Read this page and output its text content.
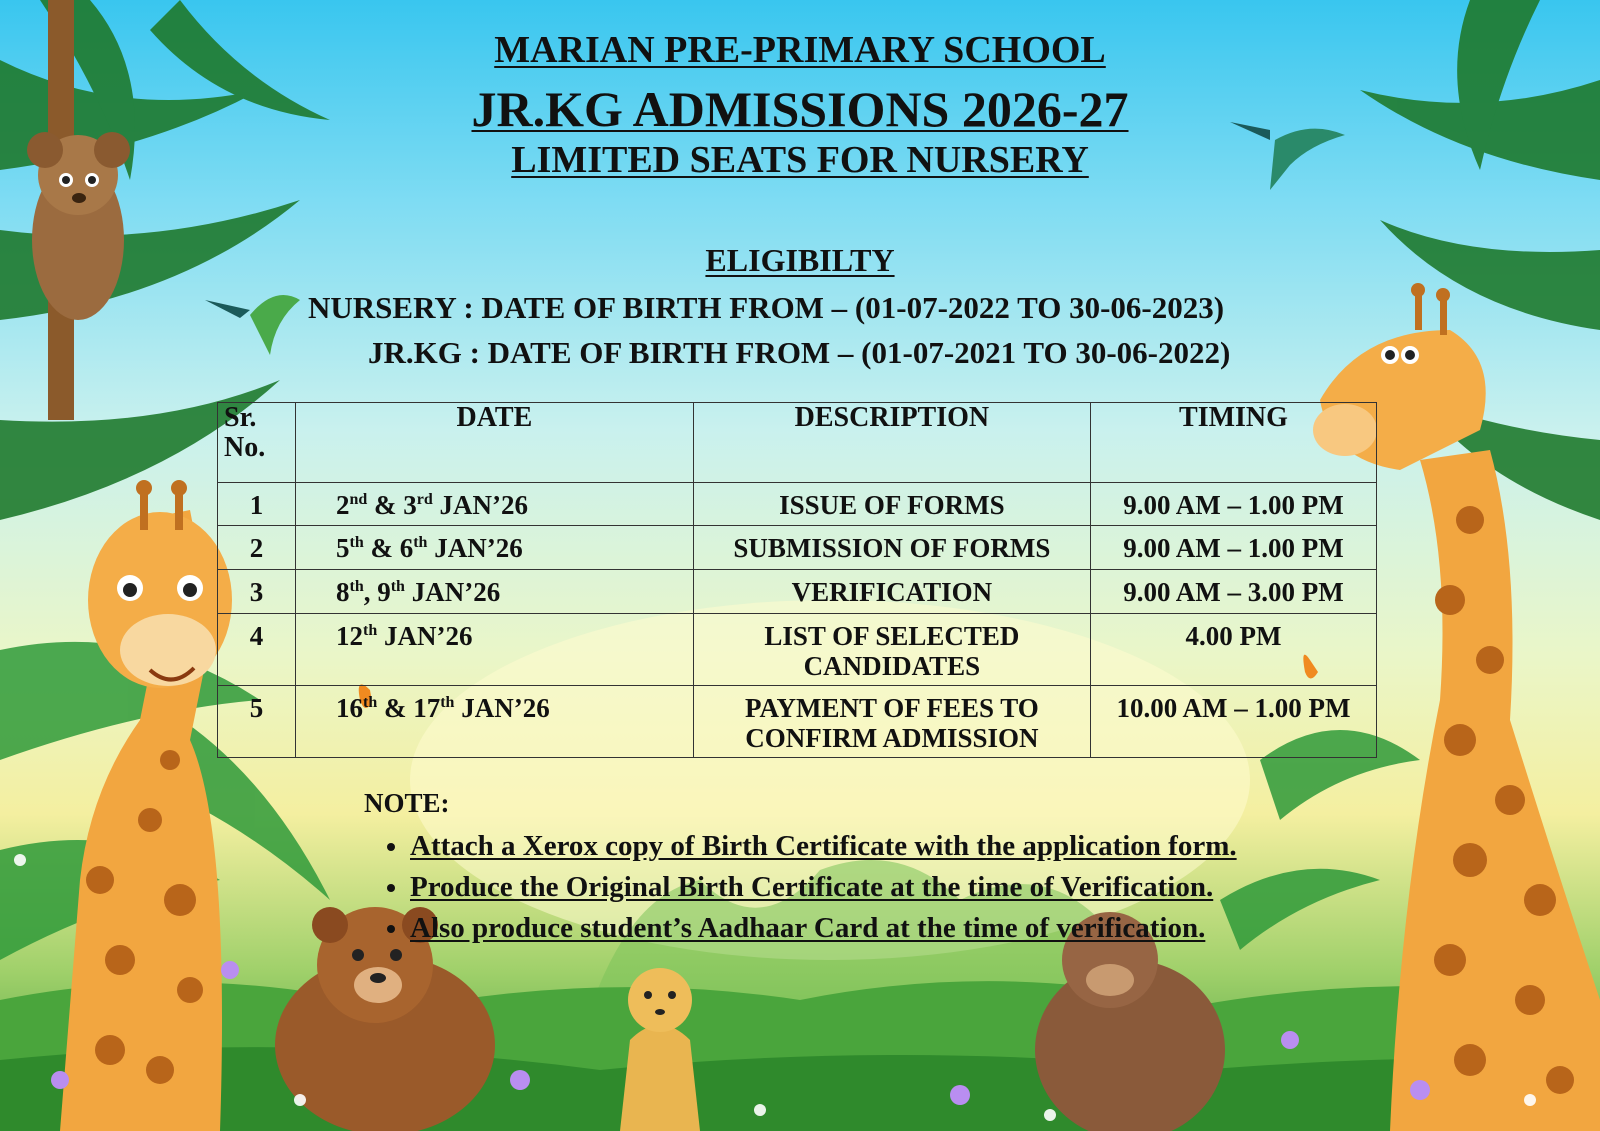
MARIAN PRE-PRIMARY SCHOOL
JR.KG ADMISSIONS 2026-27
LIMITED SEATS FOR NURSERY
ELIGIBILTY
NURSERY : DATE OF BIRTH FROM – (01-07-2022 TO 30-06-2023)
JR.KG : DATE OF BIRTH FROM – (01-07-2021 TO 30-06-2022)
Sr.
No.	DATE	DESCRIPTION	TIMING
1	2nd & 3rd JAN’26	ISSUE OF FORMS	9.00 AM – 1.00 PM
2	5th & 6th JAN’26	SUBMISSION OF FORMS	9.00 AM – 1.00 PM
3	8th, 9th JAN’26	VERIFICATION	9.00 AM – 3.00 PM
4	12th JAN’26	LIST OF SELECTED CANDIDATES	4.00 PM
5	16th & 17th JAN’26	PAYMENT OF FEES TO CONFIRM ADMISSION	10.00 AM – 1.00 PM
NOTE:
• Attach a Xerox copy of Birth Certificate with the application form.
• Produce the Original Birth Certificate at the time of Verification.
• Also produce student’s Aadhaar Card at the time of verification.
